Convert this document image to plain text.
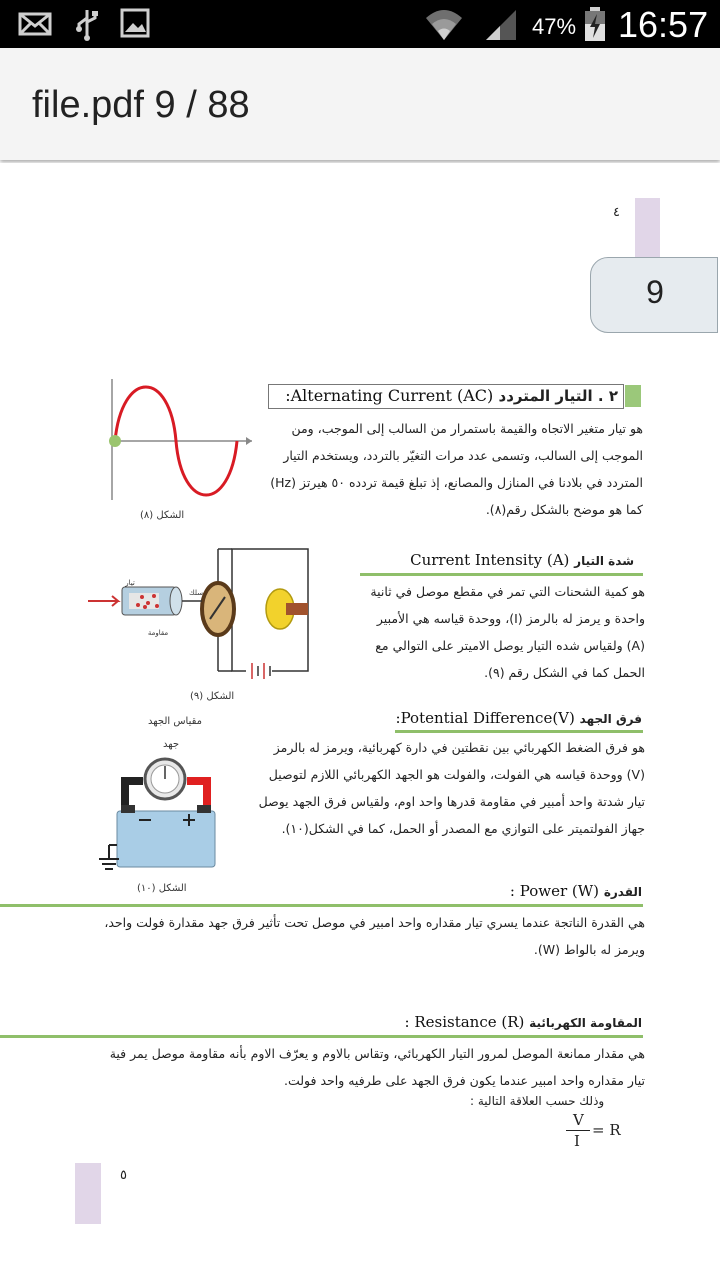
47% 16:57
file.pdf 9 / 88
٤
9
٢ . التيار المتردد Alternating Current (AC):
هو تيار متغير الاتجاه والقيمة باستمرار من السالب إلى الموجب، ومن الموجب إلى السالب، وتسمى عدد مرات التغيّر بالتردد، ويستخدم التيار المتردد في بلادنا في المنازل والمصانع، إذ تبلغ قيمة تردده ٥٠ هيرتز (Hz) كما هو موضح بالشكل رقم(٨).
الشكل (٨)
شدة التيار Current Intensity (A)
هو كمية الشحنات التي تمر في مقطع موصل في ثانية واحدة و يرمز له بالرمز (I)، ووحدة قياسه هي الأمبير (A) ولقياس شده التيار يوصل الاميتر على التوالي مع الحمل كما في الشكل رقم (٩).
سلك
مقاومة
تيار
الشكل (٩)
فرق الجهد Potential Difference(V):
هو فرق الضغط الكهربائي بين نقطتين في دارة كهربائية، ويرمز له بالرمز (V) ووحدة قياسه هي الفولت، والفولت هو الجهد الكهربائي اللازم لتوصيل تيار شدتة واحد أمبير في مقاومة قدرها واحد اوم، ولقياس فرق الجهد يوصل جهاز الفولتميتر على التوازي مع المصدر أو الحمل، كما في الشكل(١٠).
مقياس الجهد
جهد
الشكل (١٠)	القدرة Power (W) :
هي القدرة الناتجة عندما يسري تيار مقداره واحد امبير في موصل تحت تأثير فرق جهد مقدارة فولت واحد، ويرمز له بالواط (W).
المقاومة الكهربائية Resistance (R) :
هي مقدار ممانعة الموصل لمرور التيار الكهربائي، وتقاس بالاوم و يعرّف الاوم بأنه مقاومة موصل يمر فية تيار مقداره واحد امبير عندما يكون فرق الجهد على طرفيه واحد فولت.
وذلك حسب العلاقة التالية :
V
I
= R
٥
